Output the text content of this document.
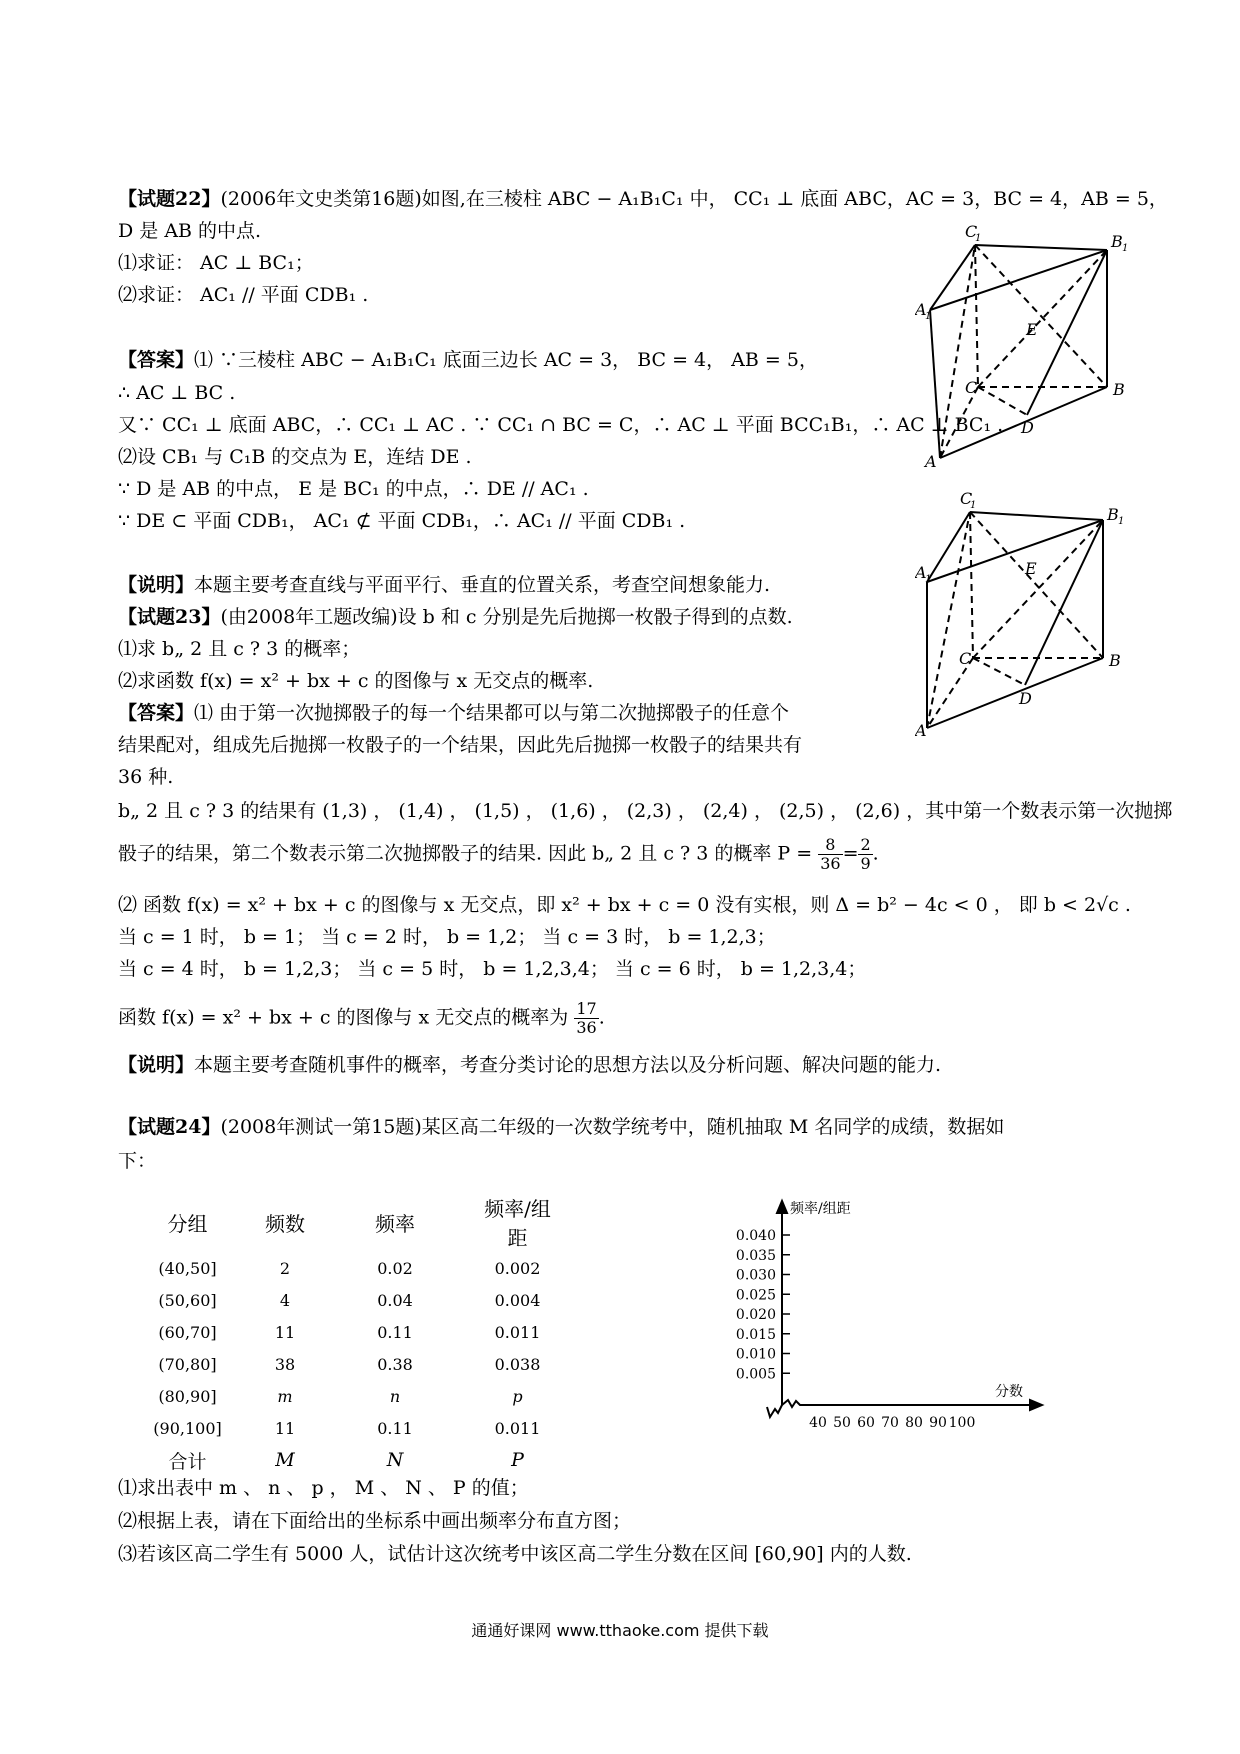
【试题22】(2006年文史类第16题)如图,在三棱柱 ABC − A₁B₁C₁ 中， CC₁ ⊥ 底面 ABC，AC = 3，BC = 4，AB = 5，
D 是 AB 的中点.
⑴求证： AC ⊥ BC₁；
⑵求证： AC₁ // 平面 CDB₁ .
【答案】⑴ ∵三棱柱 ABC − A₁B₁C₁ 底面三边长 AC = 3， BC = 4， AB = 5，
∴ AC ⊥ BC .
又∵ CC₁ ⊥ 底面 ABC，∴ CC₁ ⊥ AC . ∵ CC₁ ∩ BC = C，∴ AC ⊥ 平面 BCC₁B₁，∴ AC ⊥ BC₁ .
⑵设 CB₁ 与 C₁B 的交点为 E，连结 DE .
∵ D 是 AB 的中点， E 是 BC₁ 的中点，∴ DE // AC₁ .
∵ DE ⊂ 平面 CDB₁， AC₁ ⊄ 平面 CDB₁，∴ AC₁ // 平面 CDB₁ .
【说明】本题主要考查直线与平面平行、垂直的位置关系，考查空间想象能力.
C
1	B 1
A
1
E
C	B
D
A
C
1	B 1
A
1
E
C	B
D
A
【试题23】(由2008年工题改编)设 b 和 c 分别是先后抛掷一枚骰子得到的点数.
⑴求 b„ 2 且 c ? 3 的概率；
⑵求函数 f(x) = x² + bx + c 的图像与 x 无交点的概率.
【答案】⑴ 由于第一次抛掷骰子的每一个结果都可以与第二次抛掷骰子的任意个
结果配对，组成先后抛掷一枚骰子的一个结果，因此先后抛掷一枚骰子的结果共有
36 种.
b„ 2 且 c ? 3 的结果有 (1,3) ， (1,4) ， (1,5) ， (1,6) ， (2,3) ， (2,4) ， (2,5) ， (2,6) ，其中第一个数表示第一次抛掷
骰子的结果，第二个数表示第二次抛掷骰子的结果. 因此 b„ 2 且 c ? 3 的概率 $P = \frac{8}{36} = \frac{2}{9}$ .
⑵ 函数 f(x) = x² + bx + c 的图像与 x 无交点，即 x² + bx + c = 0 没有实根，则 Δ = b² − 4c < 0 ， 即 b < 2√c .
当 c = 1 时， b = 1； 当 c = 2 时， b = 1,2； 当 c = 3 时， b = 1,2,3；
当 c = 4 时， b = 1,2,3； 当 c = 5 时， b = 1,2,3,4； 当 c = 6 时， b = 1,2,3,4；
函数 f(x) = x² + bx + c 的图像与 x 无交点的概率为 $\frac{17}{36}$ .
【说明】本题主要考查随机事件的概率，考查分类讨论的思想方法以及分析问题、解决问题的能力.
【试题24】(2008年测试一第15题)某区高二年级的一次数学统考中，随机抽取 M 名同学的成绩，数据如
下：
分组	频数	频率	频率/组距
(40,50]	2	0.02	0.002
(50,60]	4	0.04	0.004
(60,70]	11	0.11	0.011
(70,80]	38	0.38	0.038
(80,90]	m	n	p
(90,100]	11	0.11	0.011
合计	M	N	P
0.040
0.035
0.030
0.025
0.020
0.015
0.010
0.005
40 50 60 70 80 90 100
频率/组距
分数
⑴求出表中 m 、 n 、 p ， M 、 N 、 P 的值；
⑵根据上表，请在下面给出的坐标系中画出频率分布直方图；
⑶若该区高二学生有 5000 人，试估计这次统考中该区高二学生分数在区间 [60,90] 内的人数.
通通好课网 www.tthaoke.com 提供下载
